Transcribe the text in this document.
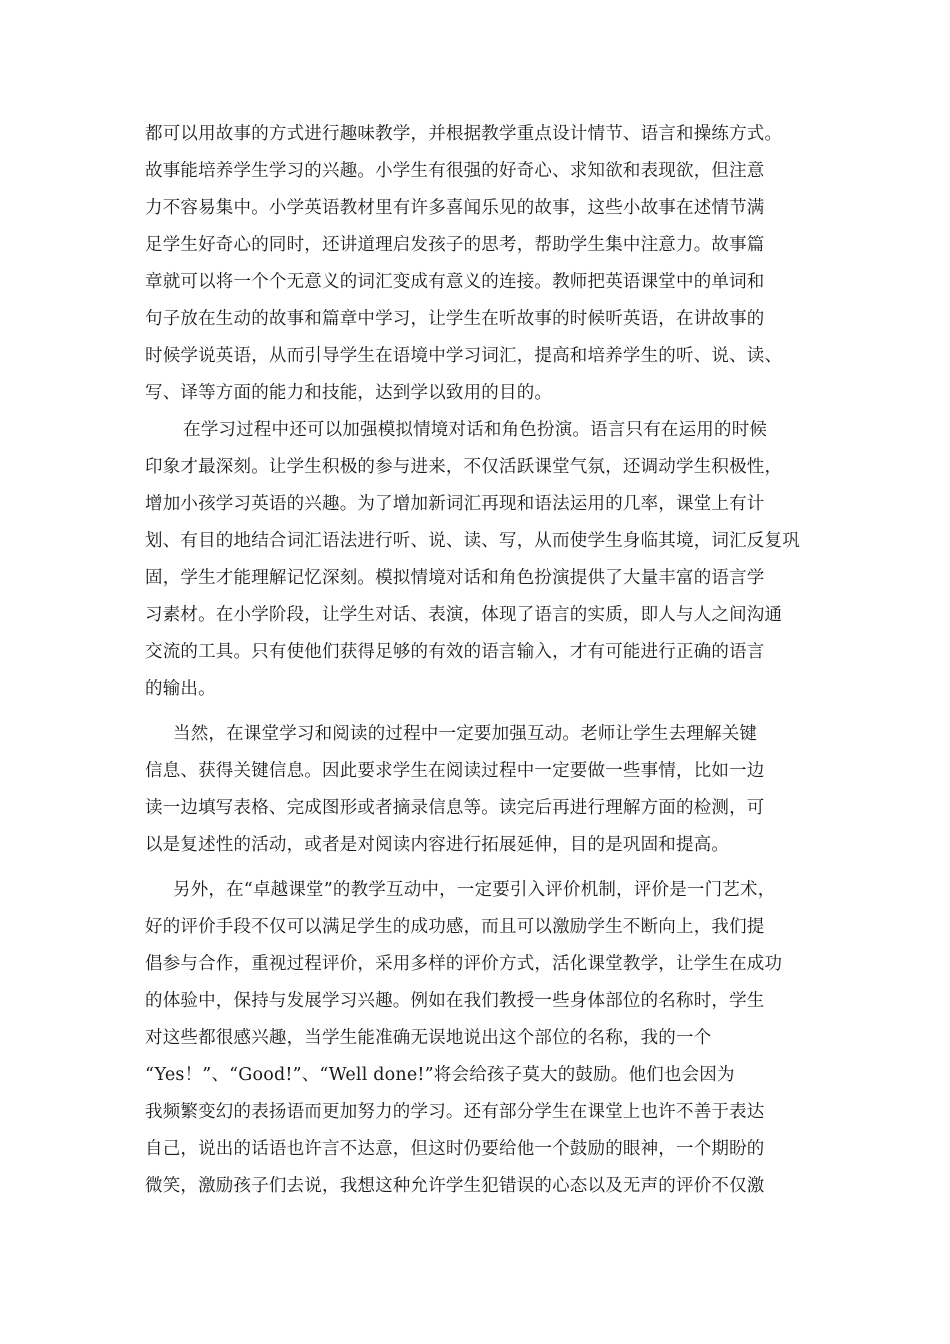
都可以用故事的方式进行趣味教学，并根据教学重点设计情节、语言和操练方式。
故事能培养学生学习的兴趣。小学生有很强的好奇心、求知欲和表现欲，但注意
力不容易集中。小学英语教材里有许多喜闻乐见的故事，这些小故事在述情节满
足学生好奇心的同时，还讲道理启发孩子的思考，帮助学生集中注意力。故事篇
章就可以将一个个无意义的词汇变成有意义的连接。教师把英语课堂中的单词和
句子放在生动的故事和篇章中学习，让学生在听故事的时候听英语，在讲故事的
时候学说英语，从而引导学生在语境中学习词汇，提高和培养学生的听、说、读、
写、译等方面的能力和技能，达到学以致用的目的。
在学习过程中还可以加强模拟情境对话和角色扮演。语言只有在运用的时候
印象才最深刻。让学生积极的参与进来，不仅活跃课堂气氛，还调动学生积极性，
增加小孩学习英语的兴趣。为了增加新词汇再现和语法运用的几率，课堂上有计
划、有目的地结合词汇语法进行听、说、读、写，从而使学生身临其境，词汇反复巩
固，学生才能理解记忆深刻。模拟情境对话和角色扮演提供了大量丰富的语言学
习素材。在小学阶段，让学生对话、表演，体现了语言的实质，即人与人之间沟通
交流的工具。只有使他们获得足够的有效的语言输入，才有可能进行正确的语言
的输出。
当然，在课堂学习和阅读的过程中一定要加强互动。老师让学生去理解关键
信息、获得关键信息。因此要求学生在阅读过程中一定要做一些事情，比如一边
读一边填写表格、完成图形或者摘录信息等。读完后再进行理解方面的检测，可
以是复述性的活动，或者是对阅读内容进行拓展延伸，目的是巩固和提高。
另外，在“卓越课堂”的教学互动中，一定要引入评价机制，评价是一门艺术，
好的评价手段不仅可以满足学生的成功感，而且可以激励学生不断向上，我们提
倡参与合作，重视过程评价，采用多样的评价方式，活化课堂教学，让学生在成功
的体验中，保持与发展学习兴趣。例如在我们教授一些身体部位的名称时，学生
对这些都很感兴趣，当学生能准确无误地说出这个部位的名称，我的一个
“Yes！”、“Good!”、“Well done!”将会给孩子莫大的鼓励。他们也会因为
我频繁变幻的表扬语而更加努力的学习。还有部分学生在课堂上也许不善于表达
自己，说出的话语也许言不达意，但这时仍要给他一个鼓励的眼神，一个期盼的
微笑，激励孩子们去说，我想这种允许学生犯错误的心态以及无声的评价不仅激
